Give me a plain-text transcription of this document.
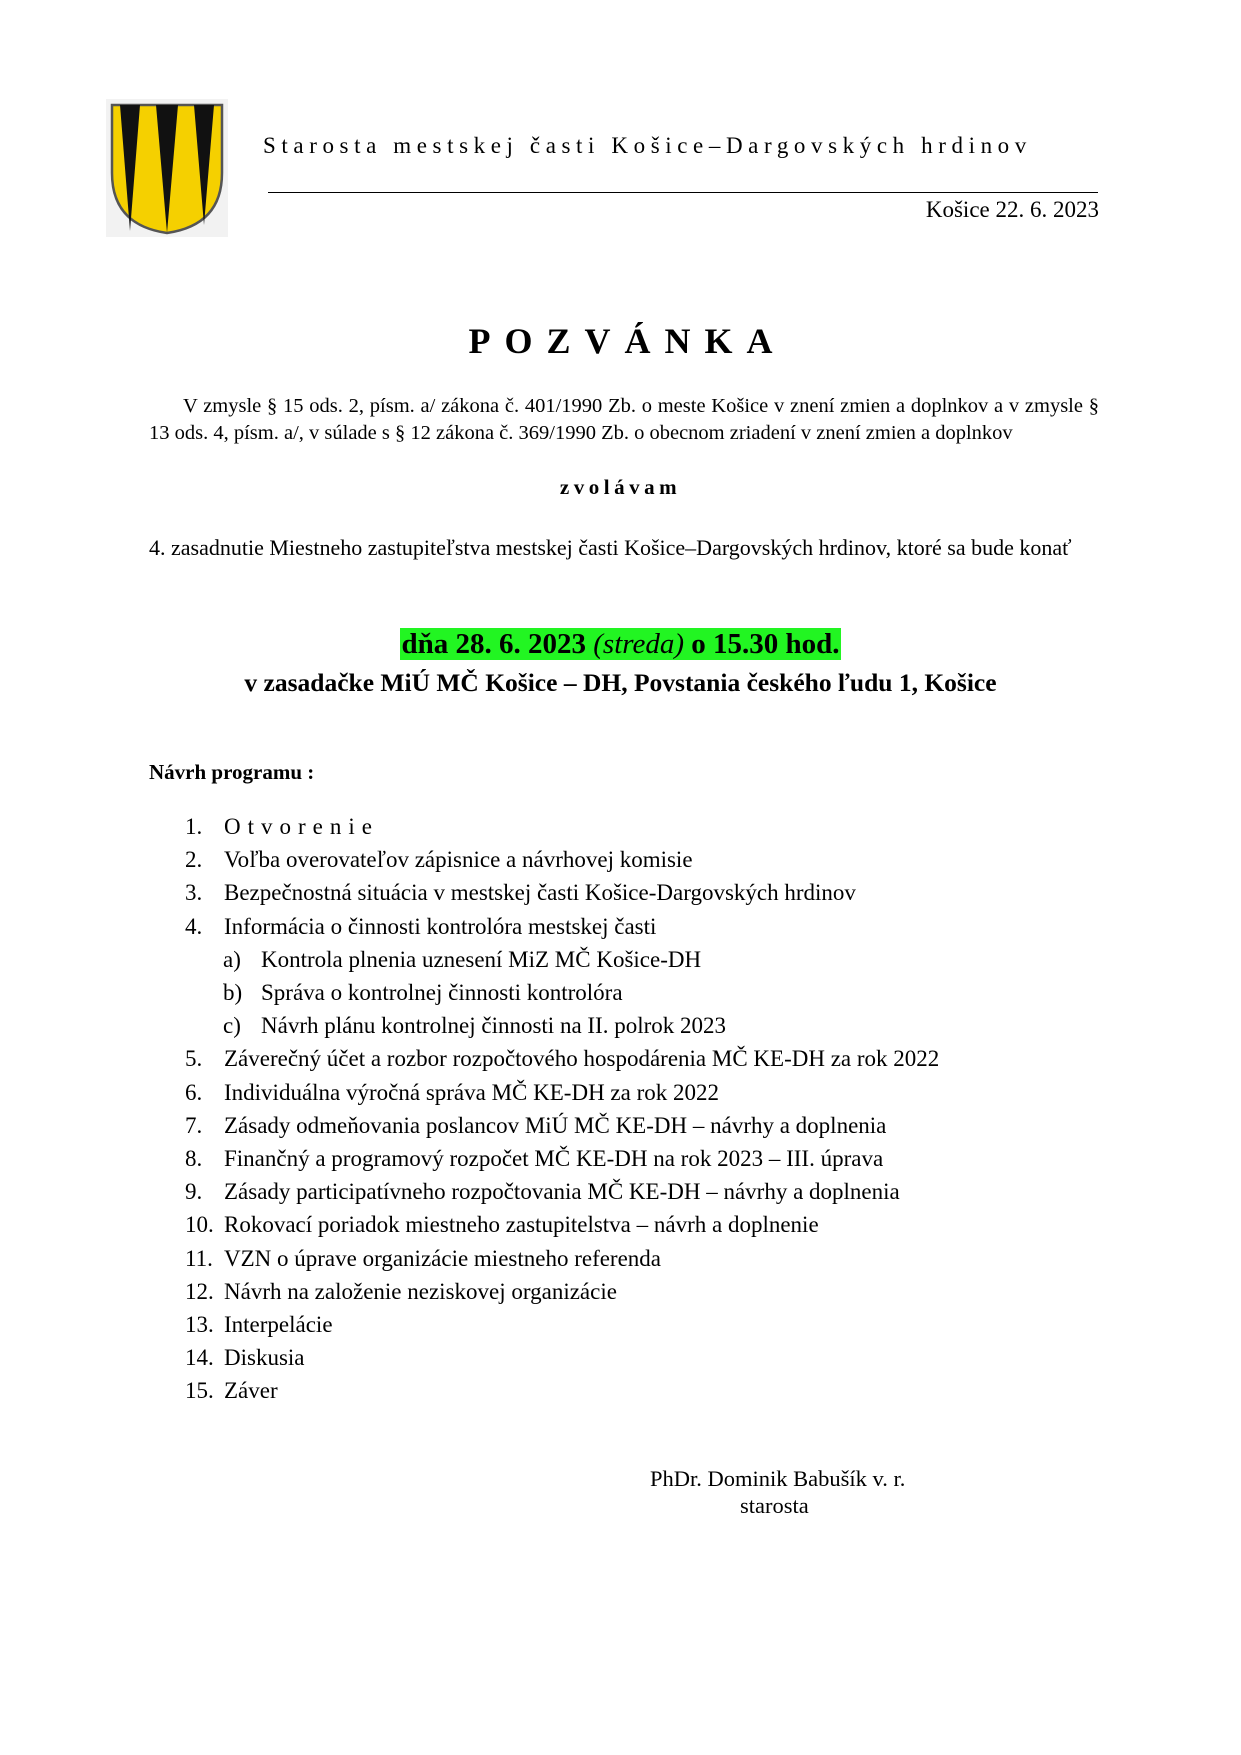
Starosta mestskej časti Košice–Dargovských hrdinov
Košice 22. 6. 2023
POZVÁNKA

V zmysle § 15 ods. 2, písm. a/ zákona č. 401/1990 Zb. o meste Košice v znení zmien a doplnkov a v zmysle § 13 ods. 4, písm. a/, v súlade s § 12 zákona č. 369/1990 Zb. o obecnom zriadení v znení zmien a doplnkov

zvolávam

4. zasadnutie Miestneho zastupiteľstva mestskej časti Košice–Dargovských hrdinov, ktoré sa bude konať

dňa 28. 6. 2023 (streda) o 15.30 hod.
v zasadačke MiÚ MČ Košice – DH, Povstania českého ľudu 1, Košice
Návrh programu :
1. Otvorenie
2. Voľba overovateľov zápisnice a návrhovej komisie
3. Bezpečnostná situácia v mestskej časti Košice-Dargovských hrdinov
4. Informácia o činnosti kontrolóra mestskej časti
a) Kontrola plnenia uznesení MiZ MČ Košice-DH
b) Správa o kontrolnej činnosti kontrolóra
c) Návrh plánu kontrolnej činnosti na II. polrok 2023
5. Záverečný účet a rozbor rozpočtového hospodárenia MČ KE-DH za rok 2022
6. Individuálna výročná správa MČ KE-DH za rok 2022
7. Zásady odmeňovania poslancov MiÚ MČ KE-DH – návrhy a doplnenia
8. Finančný a programový rozpočet MČ KE-DH na rok 2023 – III. úprava
9. Zásady participatívneho rozpočtovania MČ KE-DH – návrhy a doplnenia
10. Rokovací poriadok miestneho zastupitelstva – návrh a doplnenie
11. VZN o úprave organizácie miestneho referenda
12. Návrh na založenie neziskovej organizácie
13. Interpelácie
14. Diskusia
15. Záver
PhDr. Dominik Babušík v. r.
starosta
